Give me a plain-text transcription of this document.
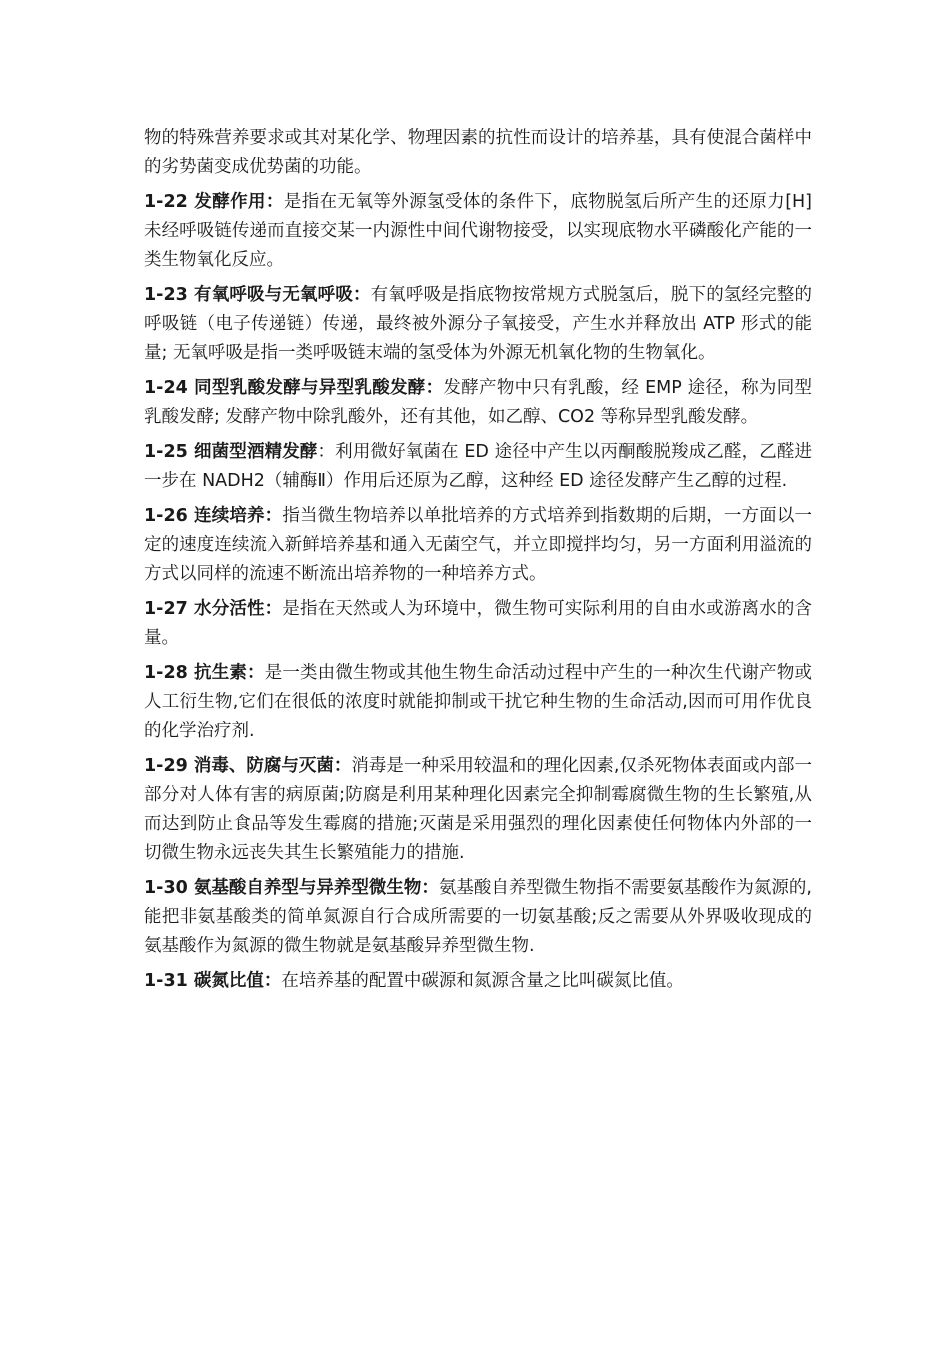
物的特殊营养要求或其对某化学、物理因素的抗性而设计的培养基，具有使混合菌样中的劣势菌变成优势菌的功能。

1-22 发酵作用：是指在无氧等外源氢受体的条件下，底物脱氢后所产生的还原力[H]未经呼吸链传递而直接交某一内源性中间代谢物接受，以实现底物水平磷酸化产能的一类生物氧化反应。

1-23 有氧呼吸与无氧呼吸：有氧呼吸是指底物按常规方式脱氢后，脱下的氢经完整的呼吸链（电子传递链）传递，最终被外源分子氧接受，产生水并释放出 ATP 形式的能量; 无氧呼吸是指一类呼吸链末端的氢受体为外源无机氧化物的生物氧化。

1-24 同型乳酸发酵与异型乳酸发酵：发酵产物中只有乳酸，经 EMP 途径，称为同型乳酸发酵; 发酵产物中除乳酸外，还有其他，如乙醇、CO2 等称异型乳酸发酵。

1-25 细菌型酒精发酵：利用微好氧菌在 ED 途径中产生以丙酮酸脱羧成乙醛，乙醛进一步在 NADH2（辅酶Ⅱ）作用后还原为乙醇，这种经 ED 途径发酵产生乙醇的过程.

1-26 连续培养：指当微生物培养以单批培养的方式培养到指数期的后期，一方面以一定的速度连续流入新鲜培养基和通入无菌空气，并立即搅拌均匀，另一方面利用溢流的方式以同样的流速不断流出培养物的一种培养方式。

1-27 水分活性：是指在天然或人为环境中，微生物可实际利用的自由水或游离水的含量。

1-28 抗生素：是一类由微生物或其他生物生命活动过程中产生的一种次生代谢产物或人工衍生物,它们在很低的浓度时就能抑制或干扰它种生物的生命活动,因而可用作优良的化学治疗剂.

1-29 消毒、防腐与灭菌：消毒是一种采用较温和的理化因素,仅杀死物体表面或内部一部分对人体有害的病原菌;防腐是利用某种理化因素完全抑制霉腐微生物的生长繁殖,从而达到防止食品等发生霉腐的措施;灭菌是采用强烈的理化因素使任何物体内外部的一切微生物永远丧失其生长繁殖能力的措施.

1-30 氨基酸自养型与异养型微生物：氨基酸自养型微生物指不需要氨基酸作为氮源的,能把非氨基酸类的简单氮源自行合成所需要的一切氨基酸;反之需要从外界吸收现成的氨基酸作为氮源的微生物就是氨基酸异养型微生物.

1-31 碳氮比值：在培养基的配置中碳源和氮源含量之比叫碳氮比值。
